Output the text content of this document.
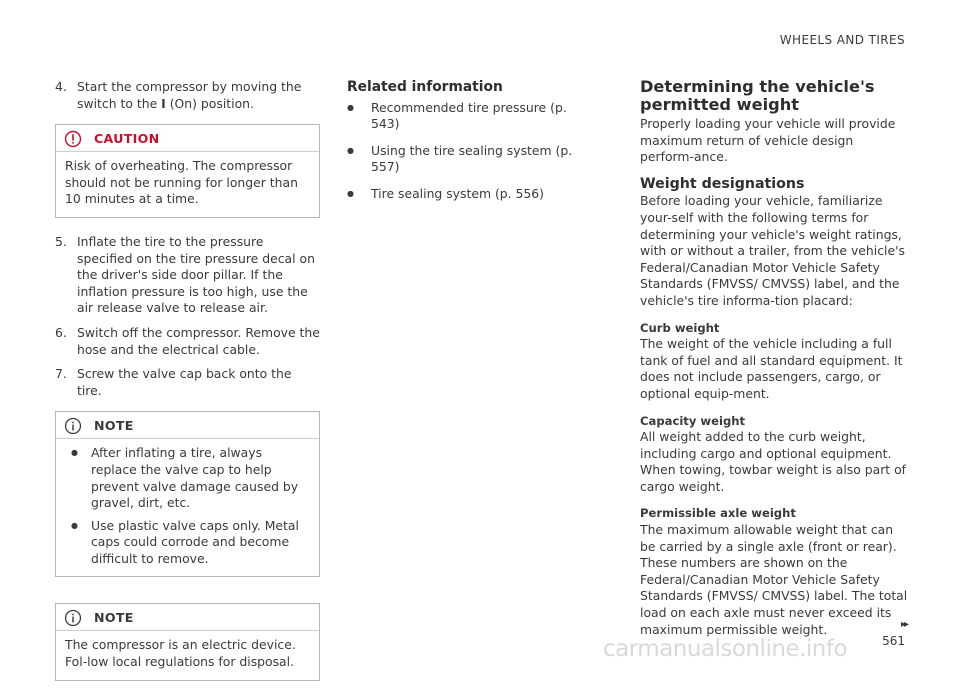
WHEELS AND TIRES
4. Start the compressor by moving the switch to the I (On) position.
CAUTION
Risk of overheating. The compressor should not be running for longer than 10 minutes at a time.
5. Inflate the tire to the pressure specified on the tire pressure decal on the driver's side door pillar. If the inflation pressure is too high, use the air release valve to release air.
6. Switch off the compressor. Remove the hose and the electrical cable.
7. Screw the valve cap back onto the tire.
NOTE
●
After inflating a tire, always replace the valve cap to help prevent valve damage caused by gravel, dirt, etc.
●
Use plastic valve caps only. Metal caps could corrode and become difficult to remove.
NOTE
The compressor is an electric device. Fol-low local regulations for disposal.
Related information
●
Recommended tire pressure (p. 543)
●
Using the tire sealing system (p. 557)
●
Tire sealing system (p. 556)
Determining the vehicle's permitted weight

Properly loading your vehicle will provide maximum return of vehicle design perform-ance.

Weight designations

Before loading your vehicle, familiarize your-self with the following terms for determining your vehicle's weight ratings, with or without a trailer, from the vehicle's Federal/Canadian Motor Vehicle Safety Standards (FMVSS/ CMVSS) label, and the vehicle's tire informa-tion placard:

Curb weight

The weight of the vehicle including a full tank of fuel and all standard equipment. It does not include passengers, cargo, or optional equip-ment.

Capacity weight

All weight added to the curb weight, including cargo and optional equipment. When towing, towbar weight is also part of cargo weight.

Permissible axle weight

The maximum allowable weight that can be carried by a single axle (front or rear). These numbers are shown on the Federal/Canadian Motor Vehicle Safety Standards (FMVSS/ CMVSS) label. The total load on each axle must never exceed its maximum permissible weight.	▸▸
561
carmanualsonline.info
